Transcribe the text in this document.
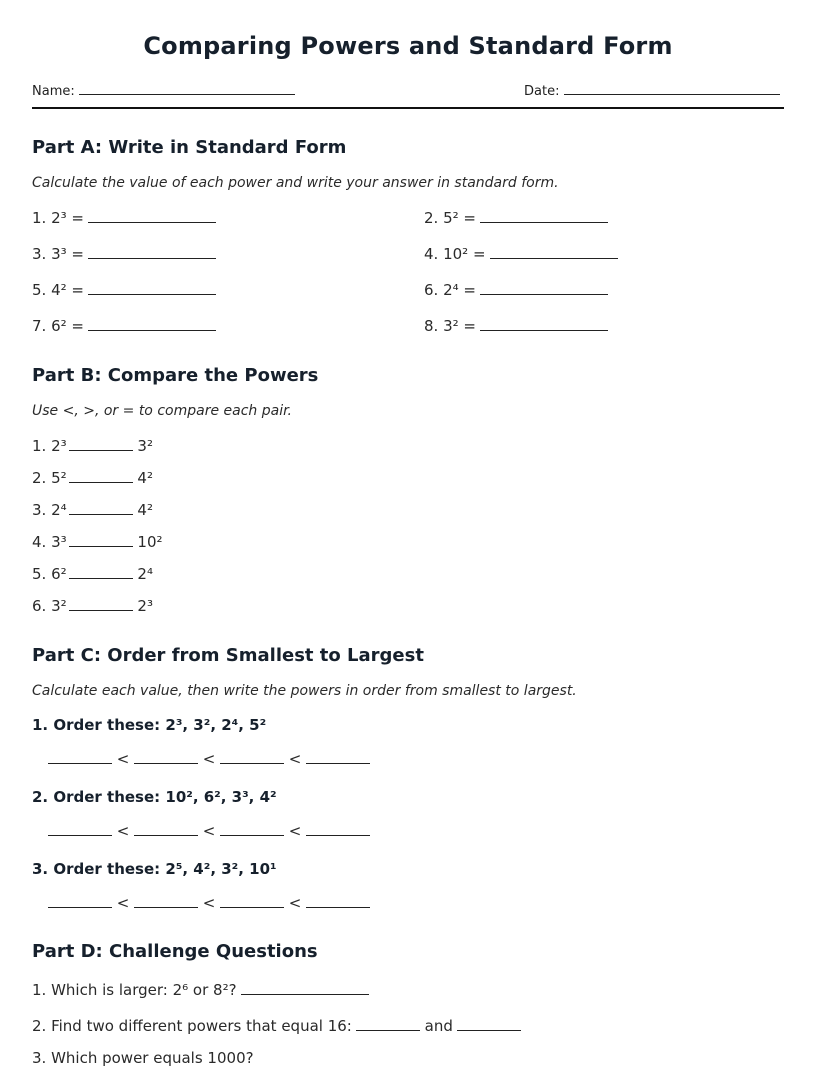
Comparing Powers and Standard Form
Name:	Date:
Part A: Write in Standard Form
Calculate the value of each power and write your answer in standard form.
1. 2³ =	2. 5² =
3. 3³ =	4. 10² =
5. 4² =	6. 2⁴ =
7. 6² =	8. 3² =
Part B: Compare the Powers
Use <, >, or = to compare each pair.
1. 2³	3²
2. 5²	4²
3. 2⁴	4²
4. 3³	10²
5. 6²	2⁴
6. 3²	2³
Part C: Order from Smallest to Largest
Calculate each value, then write the powers in order from smallest to largest.
1. Order these: 2³, 3², 2⁴, 5²
<	<	<
2. Order these: 10², 6², 3³, 4²
<	<	<
3. Order these: 2⁵, 4², 3², 10¹
<	<	<
Part D: Challenge Questions
1. Which is larger: 2⁶ or 8²?
2. Find two different powers that equal 16:	and
3. Which power equals 1000?
